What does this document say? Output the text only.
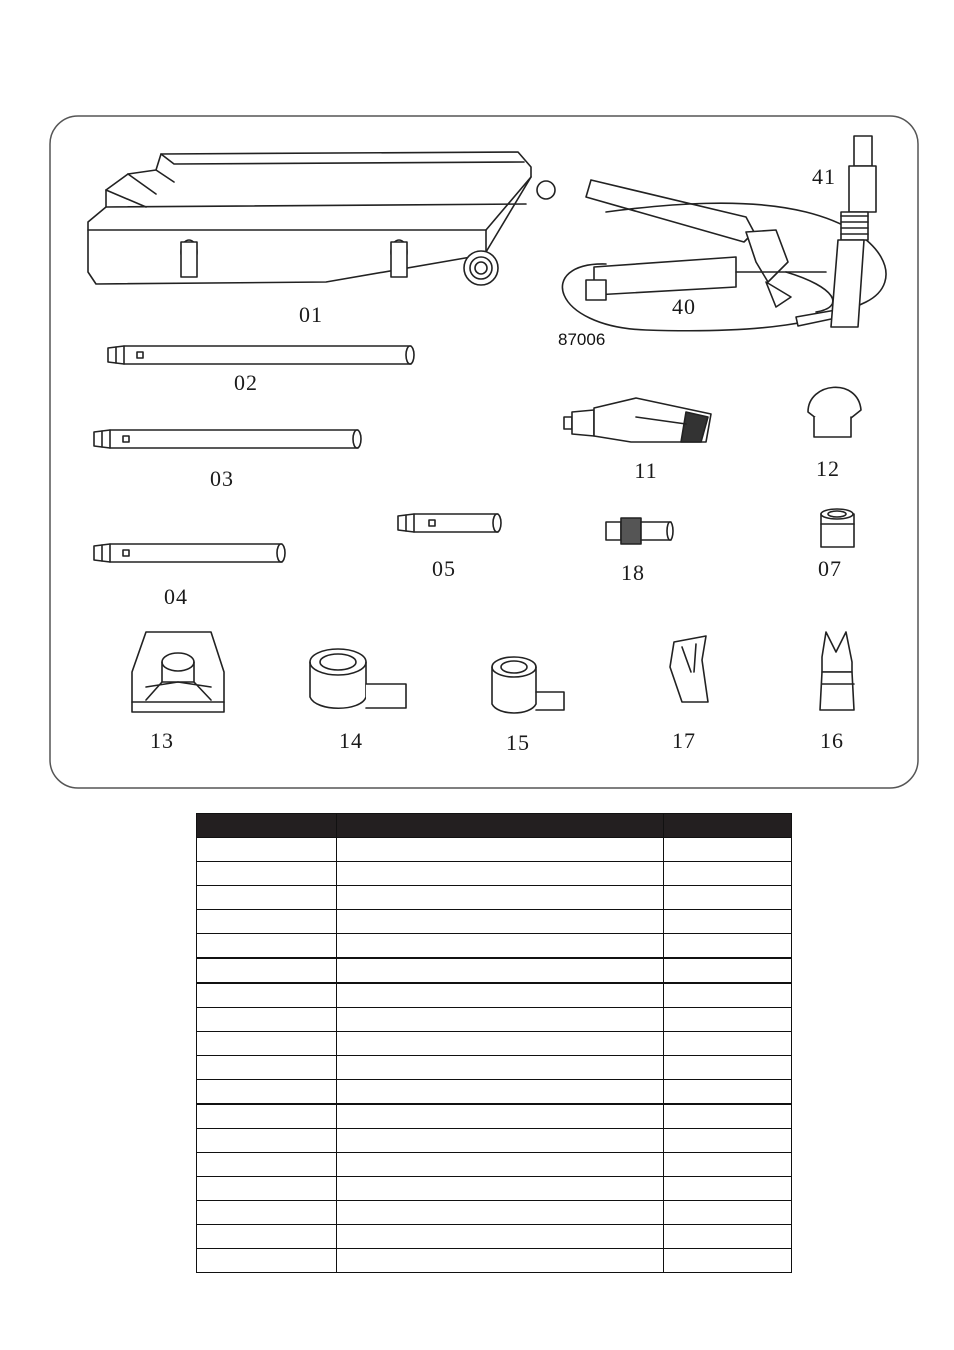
01
02
03
04
05	07
11	12
13	14	15	16
17
18
40
41
87006
